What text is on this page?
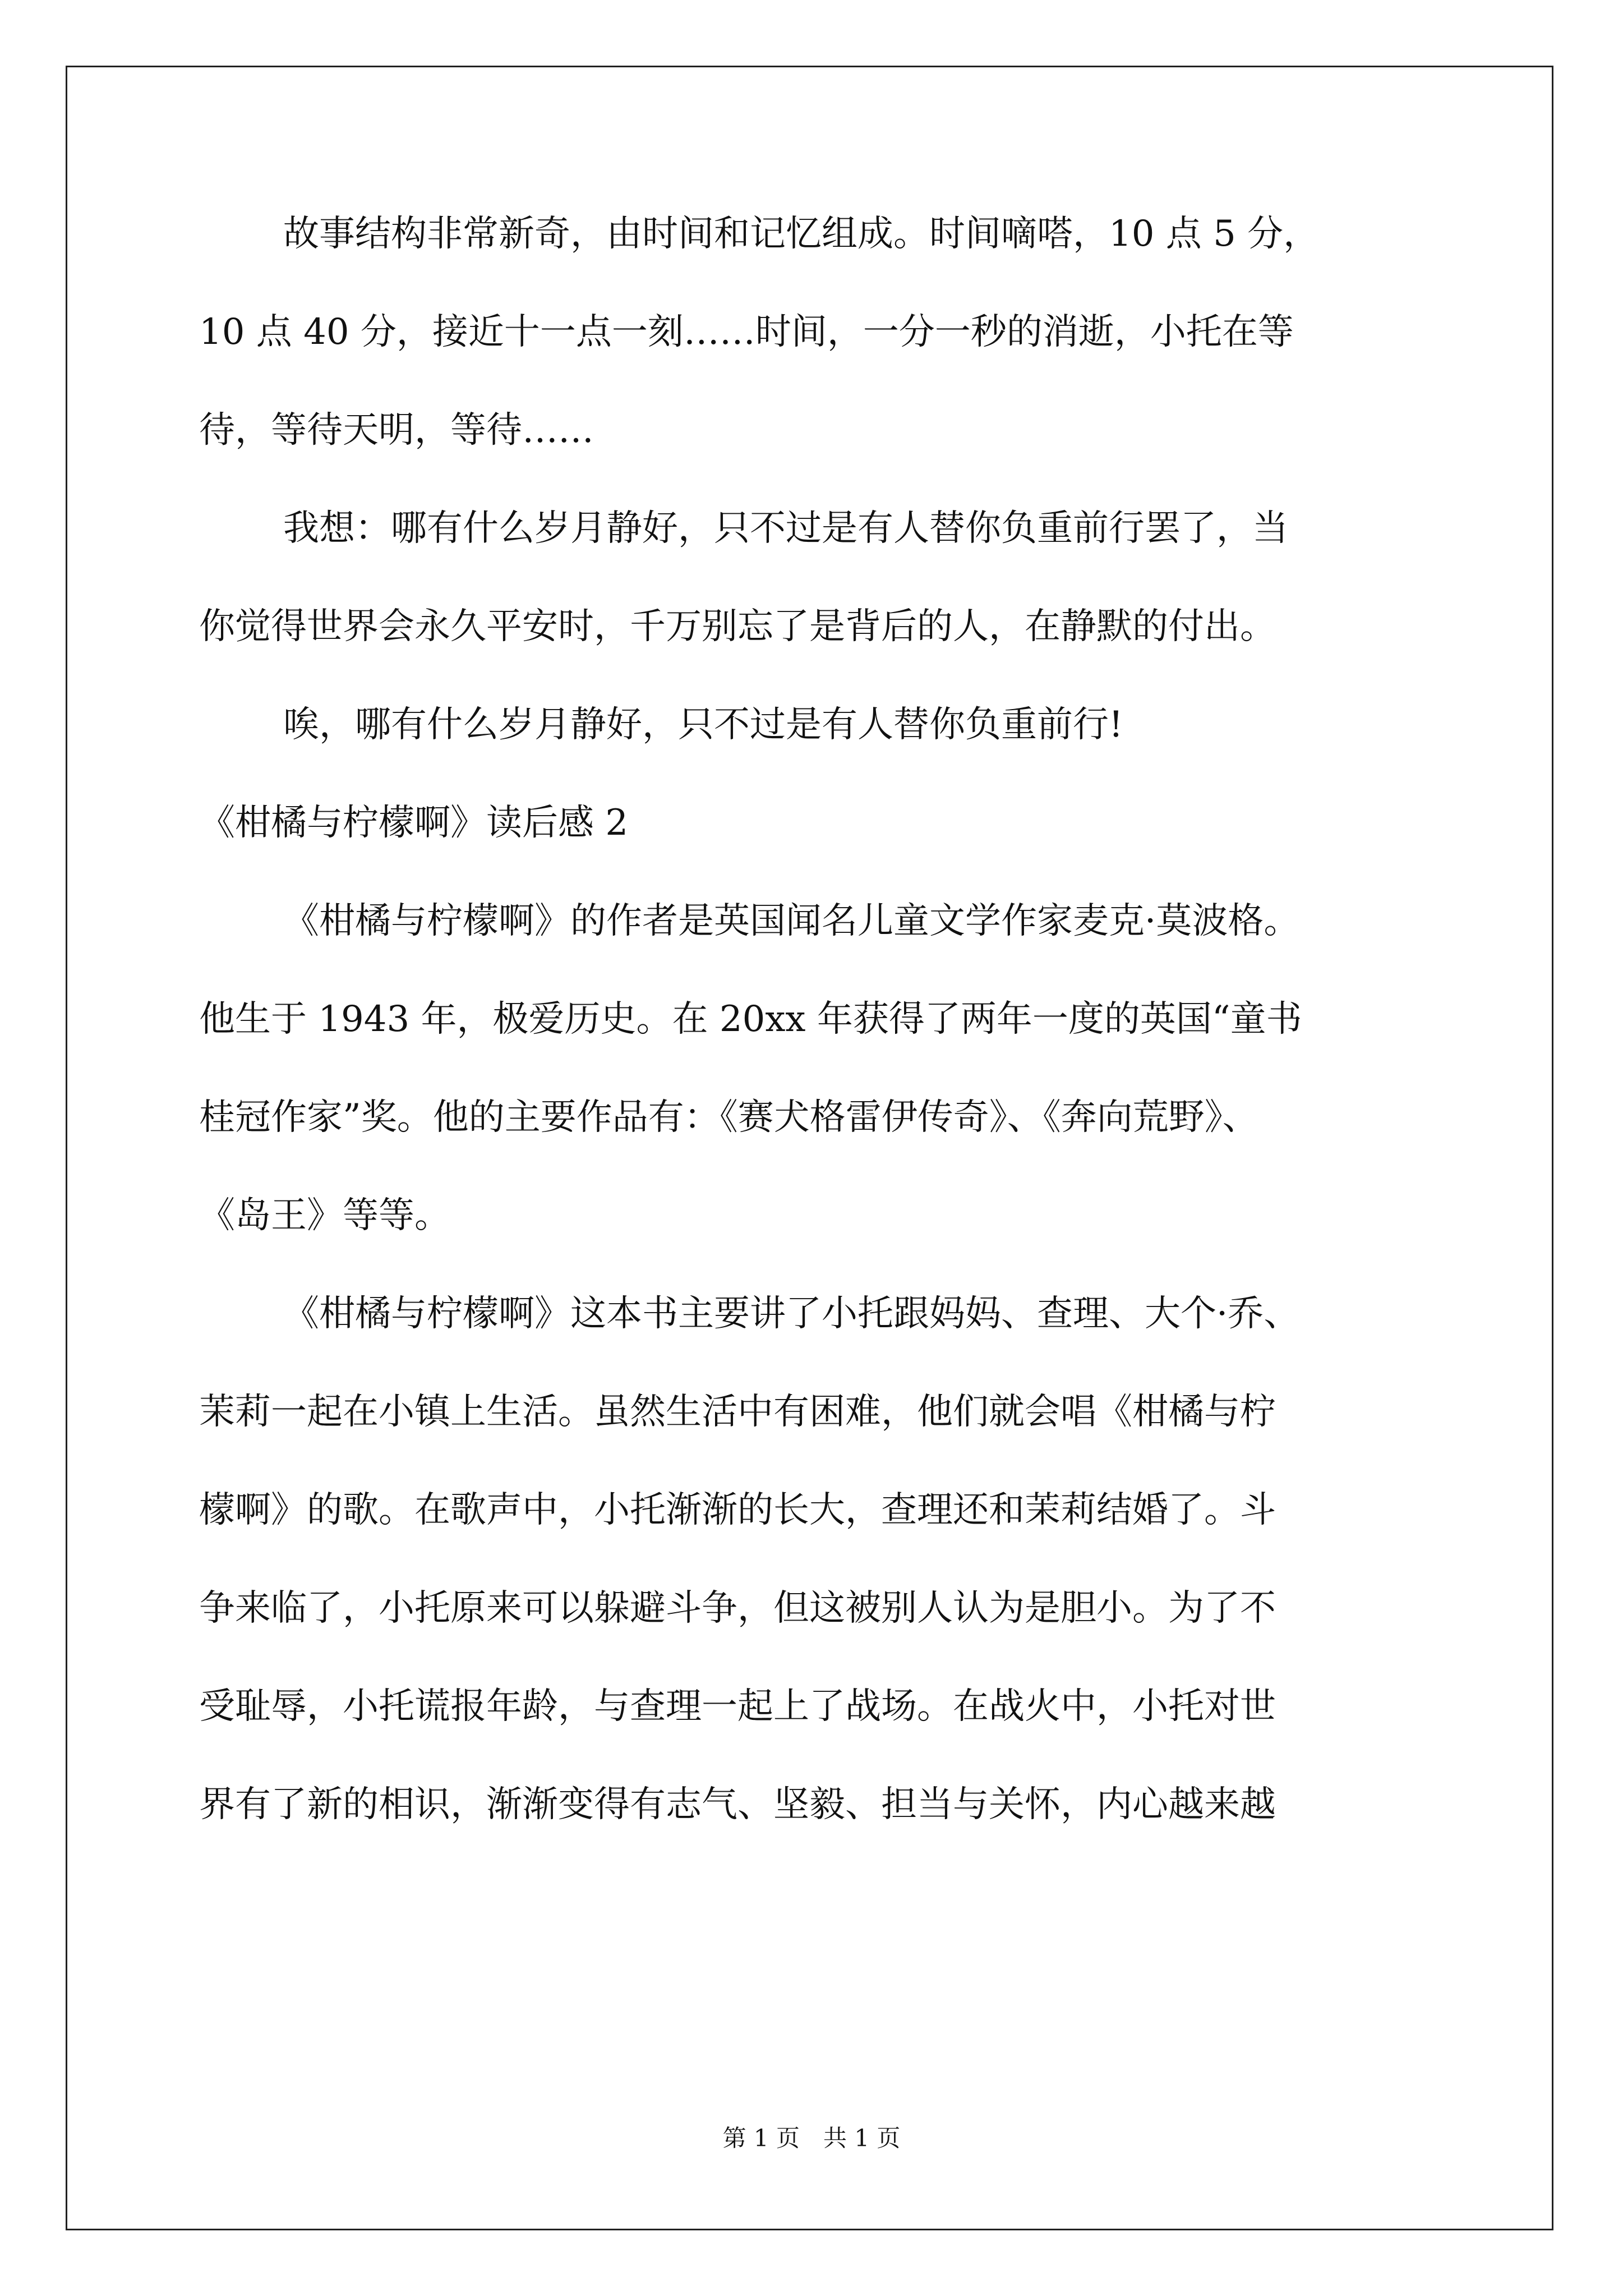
故事结构非常新奇，由时间和记忆组成。时间嘀嗒，10 点 5 分，
10 点 40 分，接近十一点一刻……时间，一分一秒的消逝，小托在等
待，等待天明，等待……
我想：哪有什么岁月静好，只不过是有人替你负重前行罢了，当
你觉得世界会永久平安时，千万别忘了是背后的人，在静默的付出。
唉，哪有什么岁月静好，只不过是有人替你负重前行!
《柑橘与柠檬啊》读后感 2
《柑橘与柠檬啊》的作者是英国闻名儿童文学作家麦克·莫波格。
他生于 1943 年，极爱历史。在 20xx 年获得了两年一度的英国“童书
桂冠作家”奖。他的主要作品有：《赛犬格雷伊传奇》、《奔向荒野》、
《岛王》等等。
《柑橘与柠檬啊》这本书主要讲了小托跟妈妈、查理、大个·乔、
茉莉一起在小镇上生活。虽然生活中有困难，他们就会唱《柑橘与柠
檬啊》的歌。在歌声中，小托渐渐的长大，查理还和茉莉结婚了。斗
争来临了，小托原来可以躲避斗争，但这被别人认为是胆小。为了不
受耻辱，小托谎报年龄，与查理一起上了战场。在战火中，小托对世
界有了新的相识，渐渐变得有志气、坚毅、担当与关怀，内心越来越
第 1 页　共 1 页
